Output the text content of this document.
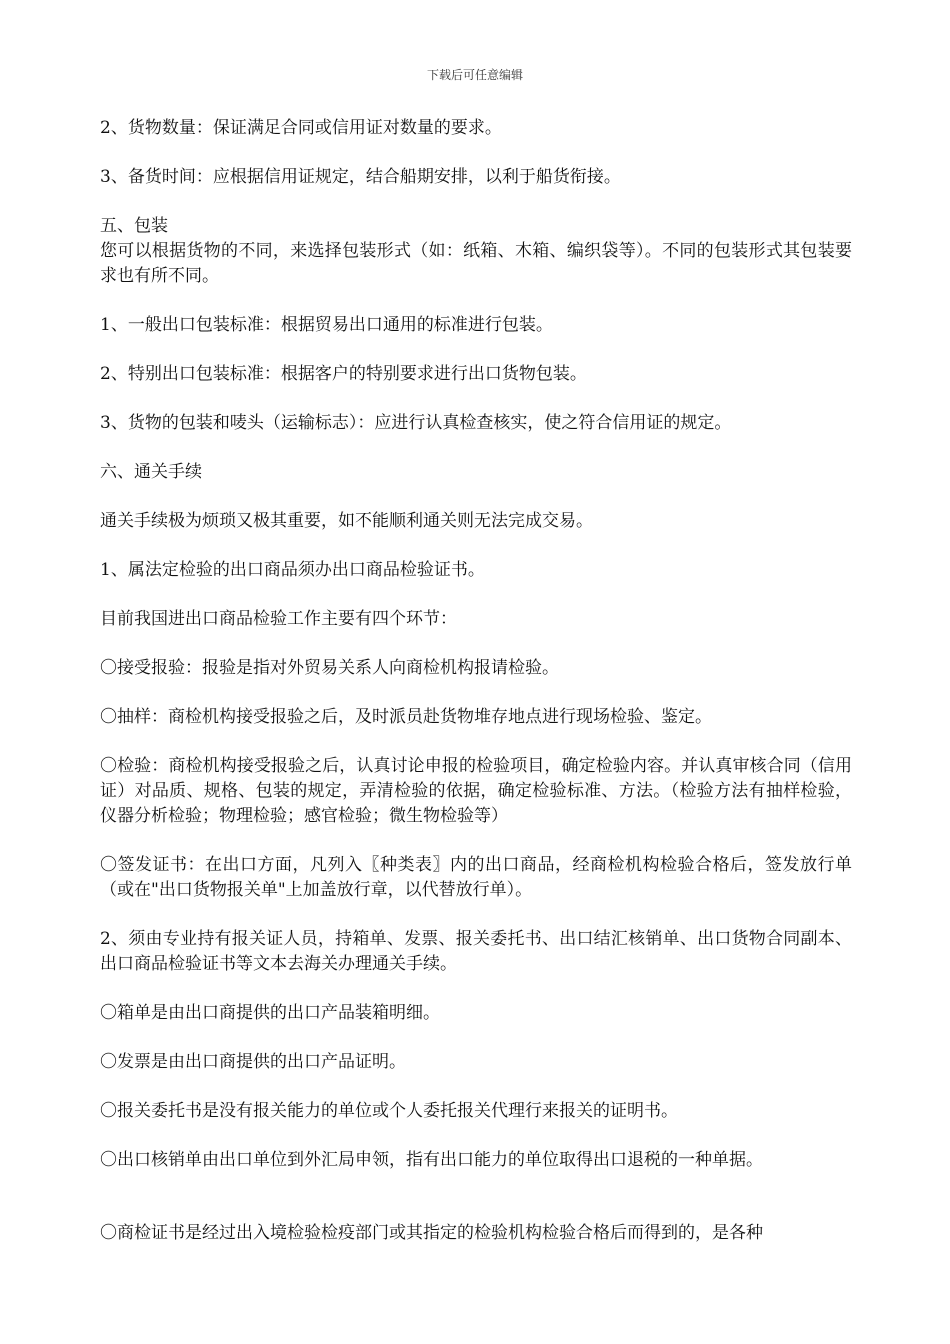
下载后可任意编辑

2、货物数量：保证满足合同或信用证对数量的要求。

3、备货时间：应根据信用证规定，结合船期安排，以利于船货衔接。

五、包装

您可以根据货物的不同，来选择包装形式（如：纸箱、木箱、编织袋等）。不同的包装形式其包装要求也有所不同。

1、一般出口包装标准：根据贸易出口通用的标准进行包装。

2、特别出口包装标准：根据客户的特别要求进行出口货物包装。

3、货物的包装和唛头（运输标志）：应进行认真检查核实，使之符合信用证的规定。

六、通关手续

通关手续极为烦琐又极其重要，如不能顺利通关则无法完成交易。

1、属法定检验的出口商品须办出口商品检验证书。

目前我国进出口商品检验工作主要有四个环节：

〇接受报验：报验是指对外贸易关系人向商检机构报请检验。

〇抽样：商检机构接受报验之后，及时派员赴货物堆存地点进行现场检验、鉴定。

〇检验：商检机构接受报验之后，认真讨论申报的检验项目，确定检验内容。并认真审核合同（信用证）对品质、规格、包装的规定，弄清检验的依据，确定检验标准、方法。（检验方法有抽样检验，仪器分析检验；物理检验；感官检验；微生物检验等）

〇签发证书：在出口方面，凡列入〖种类表〗内的出口商品，经商检机构检验合格后，签发放行单（或在"出口货物报关单"上加盖放行章，以代替放行单）。

2、须由专业持有报关证人员，持箱单、发票、报关委托书、出口结汇核销单、出口货物合同副本、出口商品检验证书等文本去海关办理通关手续。

〇箱单是由出口商提供的出口产品装箱明细。

〇发票是由出口商提供的出口产品证明。

〇报关委托书是没有报关能力的单位或个人委托报关代理行来报关的证明书。

〇出口核销单由出口单位到外汇局申领，指有出口能力的单位取得出口退税的一种单据。

〇商检证书是经过出入境检验检疫部门或其指定的检验机构检验合格后而得到的，是各种
